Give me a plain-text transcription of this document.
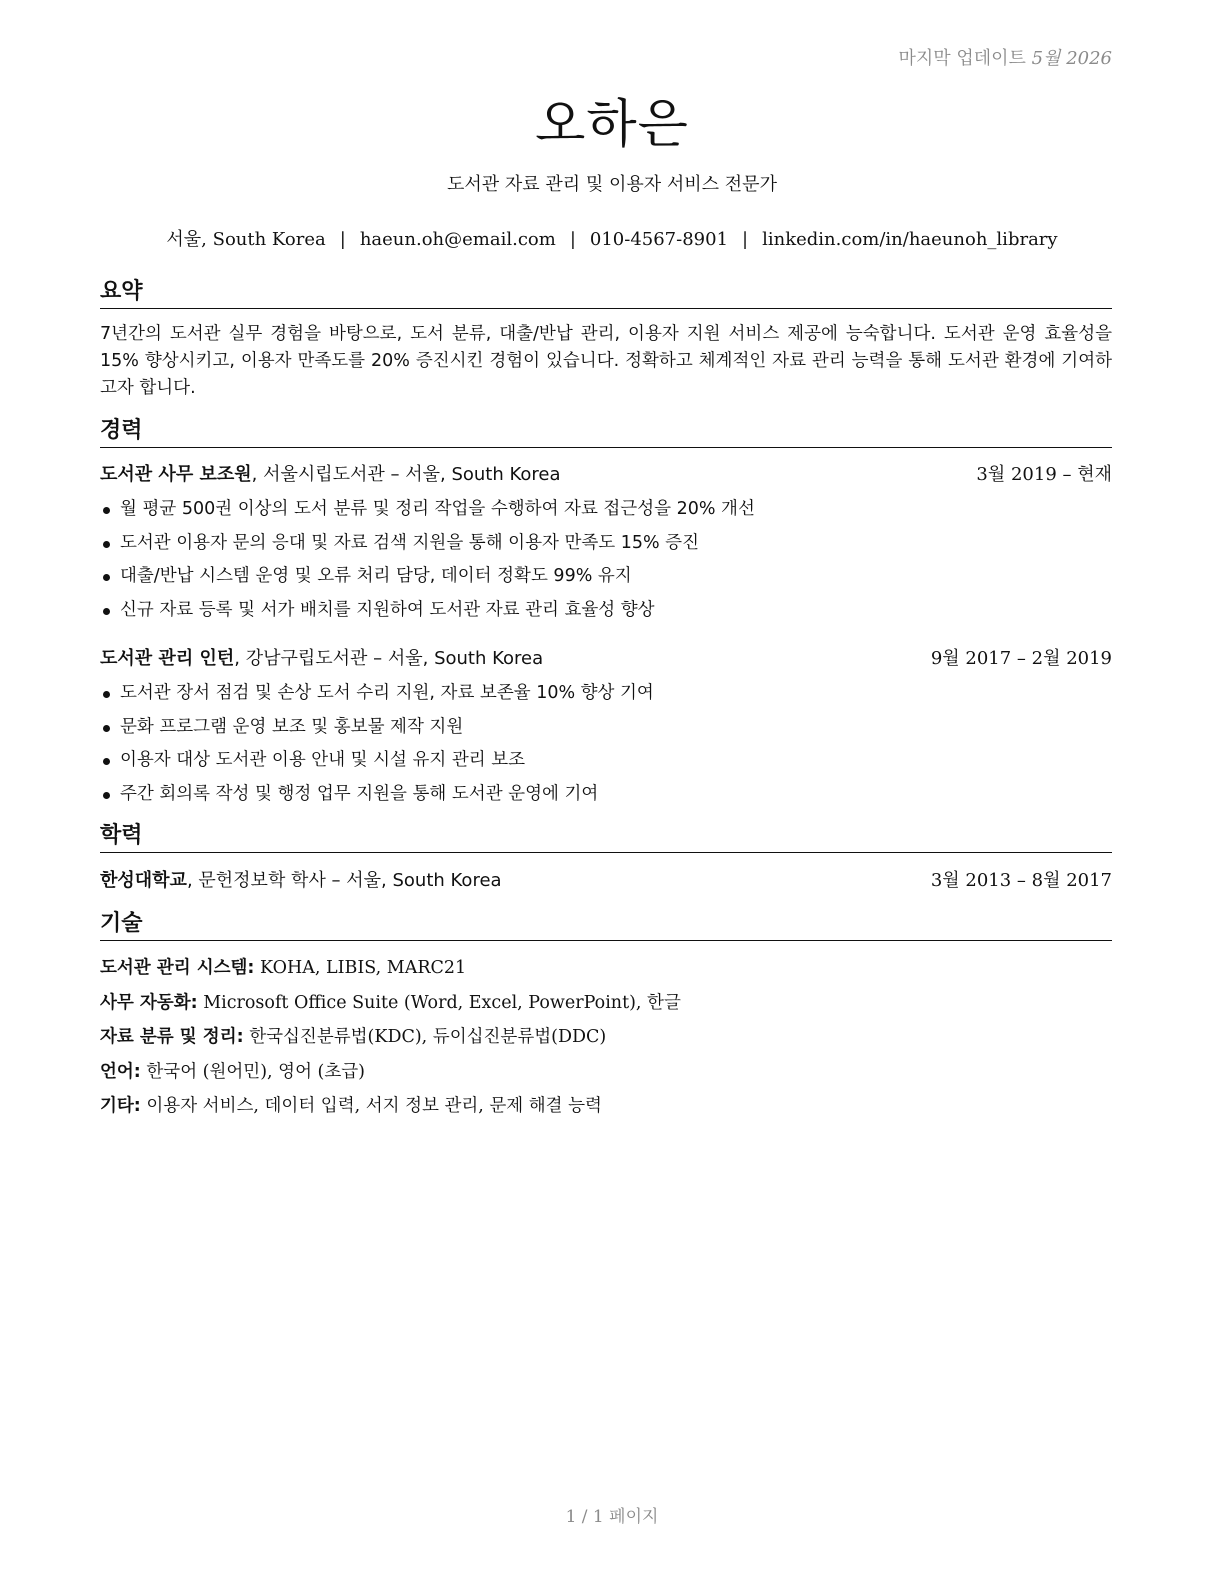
마지막 업데이트 5월 2026
오하은
도서관 자료 관리 및 이용자 서비스 전문가
서울, South Korea | haeun.oh@email.com | 010-4567-8901 | linkedin.com/in/haeunoh_library
요약
7년간의 도서관 실무 경험을 바탕으로, 도서 분류, 대출/반납 관리, 이용자 지원 서비스 제공에 능숙합니다. 도서관 운영 효율성을 15% 향상시키고, 이용자 만족도를 20% 증진시킨 경험이 있습니다. 정확하고 체계적인 자료 관리 능력을 통해 도서관 환경에 기여하고자 합니다.
경력
도서관 사무 보조원, 서울시립도서관 – 서울, South Korea	3월 2019 – 현재
월 평균 500권 이상의 도서 분류 및 정리 작업을 수행하여 자료 접근성을 20% 개선
도서관 이용자 문의 응대 및 자료 검색 지원을 통해 이용자 만족도 15% 증진
대출/반납 시스템 운영 및 오류 처리 담당, 데이터 정확도 99% 유지
신규 자료 등록 및 서가 배치를 지원하여 도서관 자료 관리 효율성 향상
도서관 관리 인턴, 강남구립도서관 – 서울, South Korea	9월 2017 – 2월 2019
도서관 장서 점검 및 손상 도서 수리 지원, 자료 보존율 10% 향상 기여
문화 프로그램 운영 보조 및 홍보물 제작 지원
이용자 대상 도서관 이용 안내 및 시설 유지 관리 보조
주간 회의록 작성 및 행정 업무 지원을 통해 도서관 운영에 기여
학력
한성대학교, 문헌정보학 학사 – 서울, South Korea	3월 2013 – 8월 2017
기술
도서관 관리 시스템: KOHA, LIBIS, MARC21
사무 자동화: Microsoft Office Suite (Word, Excel, PowerPoint), 한글
자료 분류 및 정리: 한국십진분류법(KDC), 듀이십진분류법(DDC)
언어: 한국어 (원어민), 영어 (초급)
기타: 이용자 서비스, 데이터 입력, 서지 정보 관리, 문제 해결 능력
1 / 1 페이지
